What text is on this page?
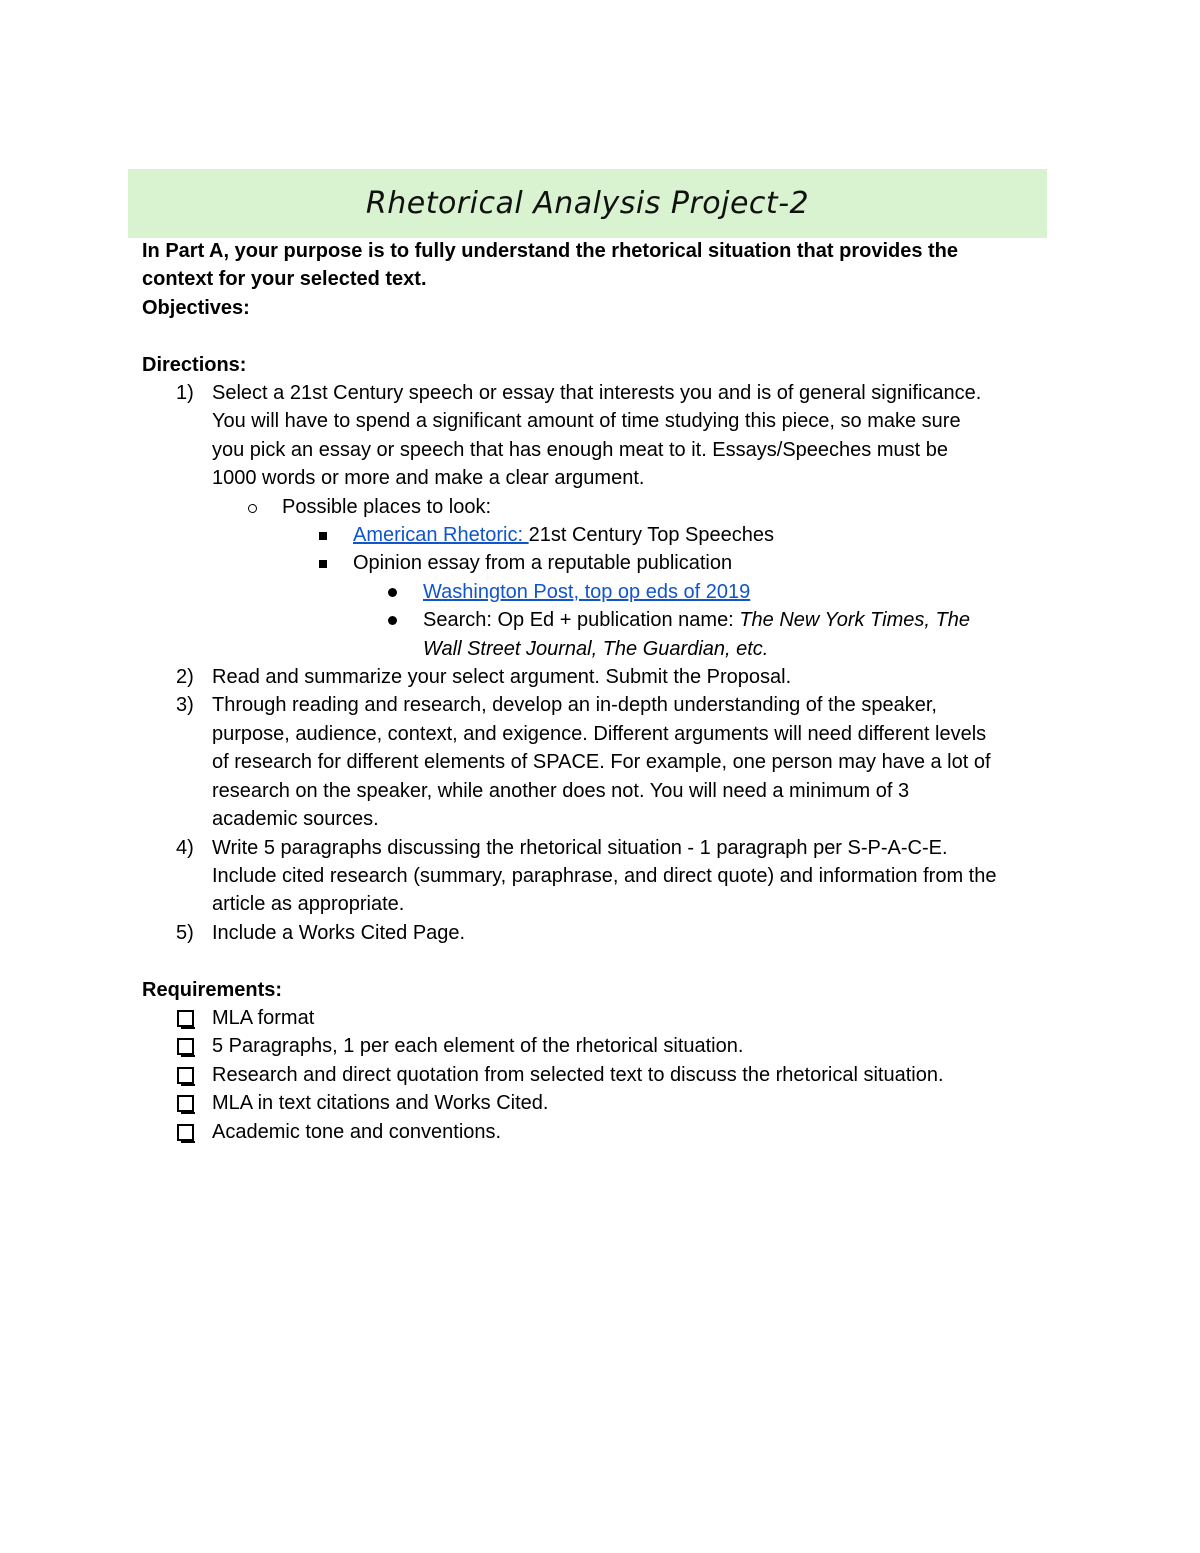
Rhetorical Analysis Project-2
In Part A, your purpose is to fully understand the rhetorical situation that provides the
context for your selected text.
Objectives:
Directions:
1) Select a 21st Century speech or essay that interests you and is of general significance.
You will have to spend a significant amount of time studying this piece, so make sure
you pick an essay or speech that has enough meat to it. Essays/Speeches must be
1000 words or more and make a clear argument.
Possible places to look:
American Rhetoric: 21st Century Top Speeches
Opinion essay from a reputable publication
Washington Post, top op eds of 2019
Search: Op Ed + publication name: The New York Times, The
Wall Street Journal, The Guardian, etc.
2) Read and summarize your select argument. Submit the Proposal.
3) Through reading and research, develop an in-depth understanding of the speaker,
purpose, audience, context, and exigence. Different arguments will need different levels
of research for different elements of SPACE. For example, one person may have a lot of
research on the speaker, while another does not. You will need a minimum of 3
academic sources.
4) Write 5 paragraphs discussing the rhetorical situation - 1 paragraph per S-P-A-C-E.
Include cited research (summary, paraphrase, and direct quote) and information from the
article as appropriate.
5) Include a Works Cited Page.
Requirements:
MLA format
5 Paragraphs, 1 per each element of the rhetorical situation.
Research and direct quotation from selected text to discuss the rhetorical situation.
MLA in text citations and Works Cited.
Academic tone and conventions.
